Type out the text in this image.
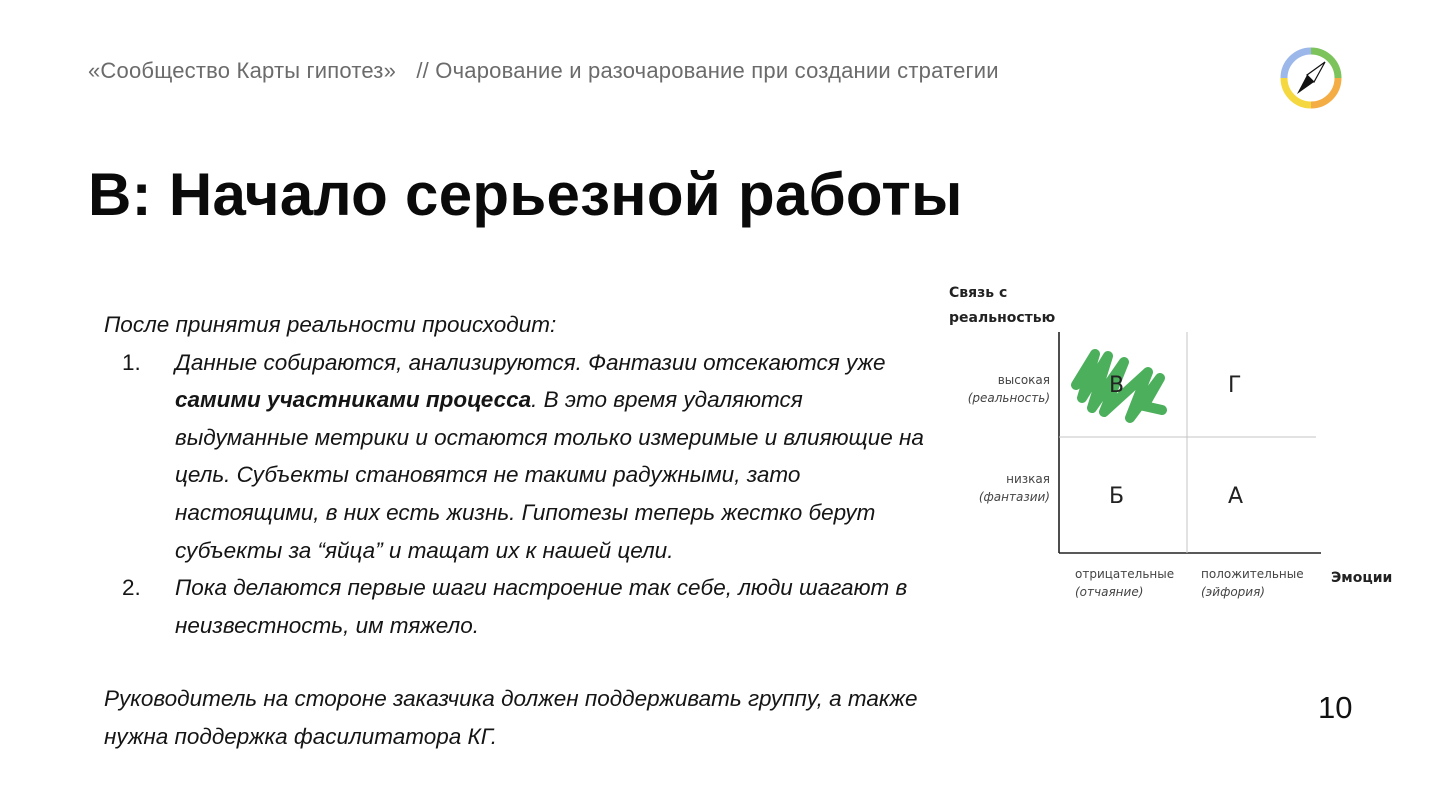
«Сообщество Карты гипотез» // Очарование и разочарование при создании стратегии
В: Начало серьезной работы

После принятия реальности происходит:

1. Данные собираются, анализируются. Фантазии отсекаются уже самими участниками процесса. В это время удаляются выдуманные метрики и остаются только измеримые и влияющие на цель. Субъекты становятся не такими радужными, зато настоящими, в них есть жизнь. Гипотезы теперь жестко берут субъекты за “яйца” и тащат их к нашей цели.
2. Пока делаются первые шаги настроение так себе, люди шагают в неизвестность, им тяжело.

Руководитель на стороне заказчика должен поддерживать группу, а также нужна поддержка фасилитатора КГ.

Связь с
реальностью
В	Г
Б	А
высокая
(реальность)
низкая
(фантазии)
отрицательные
(отчаяние)
положительные
(эйфория)
Эмоции
10
